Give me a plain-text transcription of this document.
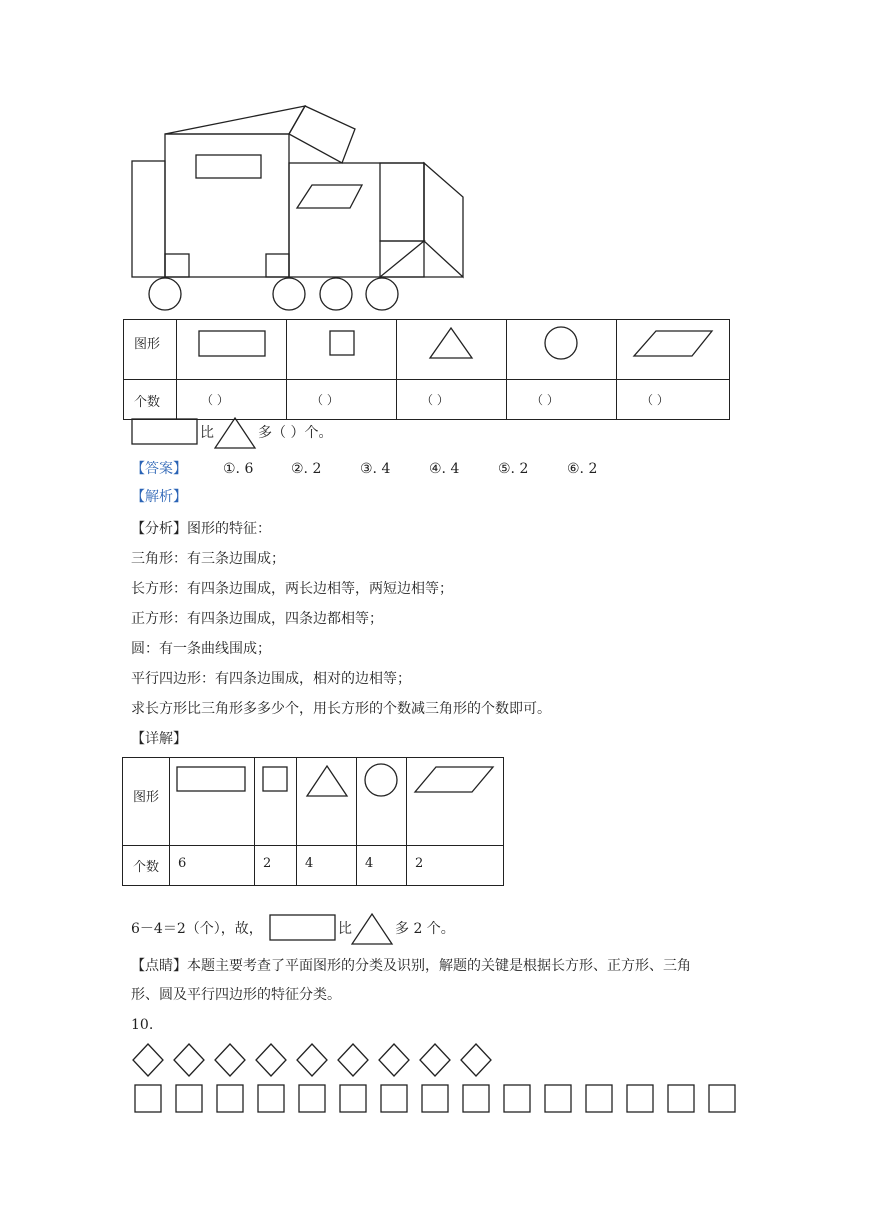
图形

个数	（ ）	（ ）	（ ）	（ ）	（ ）
比	多（ ）个。
【答案】	①. 6	②. 2	③. 4	④. 4	⑤. 2	⑥. 2
【解析】
【分析】图形的特征：
三角形：有三条边围成；
长方形：有四条边围成，两长边相等，两短边相等；
正方形：有四条边围成，四条边都相等；
圆：有一条曲线围成；
平行四边形：有四条边围成，相对的边相等；
求长方形比三角形多多少个，用长方形的个数减三角形的个数即可。
【详解】
图形

个数	6	2	4	4	2
6－4＝2（个），故，	比	多 2 个。
【点睛】本题主要考查了平面图形的分类及识别，解题的关键是根据长方形、正方形、三角
形、圆及平行四边形的特征分类。
10.
